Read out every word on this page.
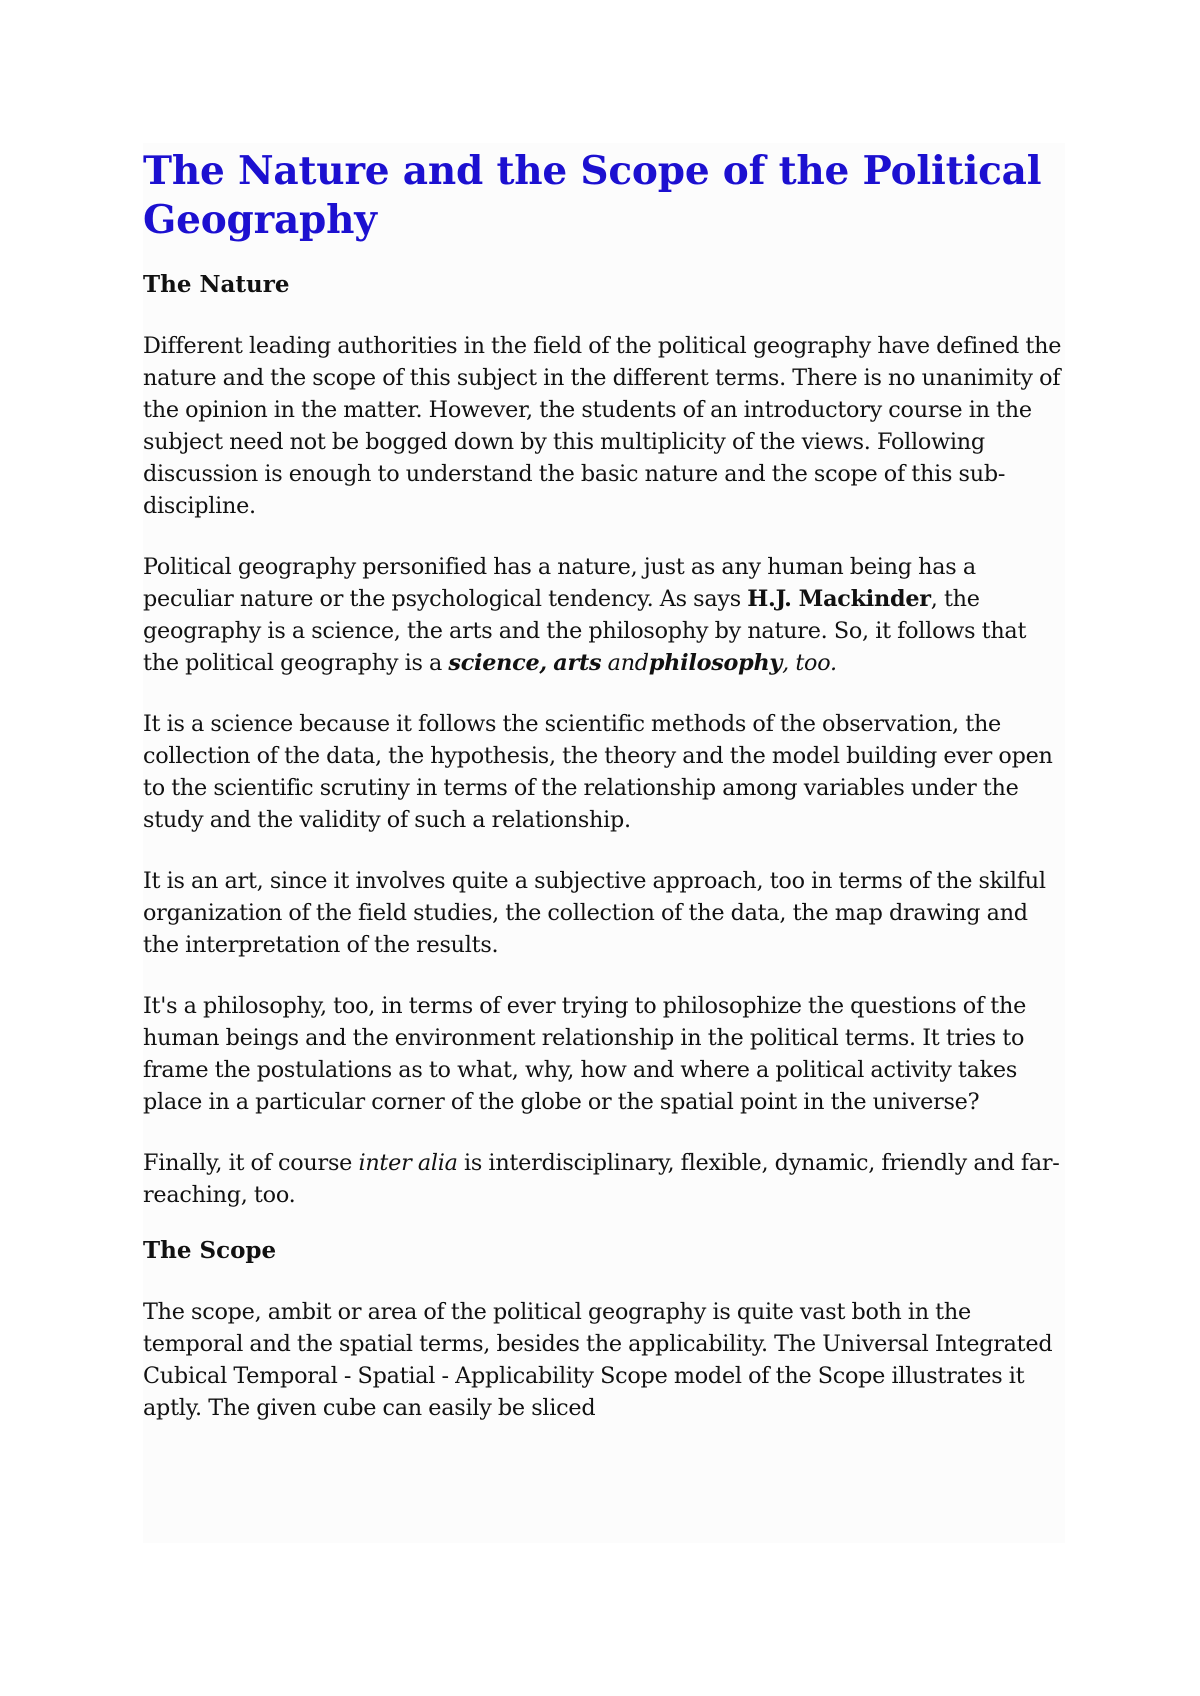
The Nature and the Scope of the Political Geography
The Nature

Different leading authorities in the field of the political geography have defined the nature and the scope of this subject in the different terms. There is no unanimity of the opinion in the matter. However, the students of an introductory course in the subject need not be bogged down by this multiplicity of the views. Following discussion is enough to understand the basic nature and the scope of this sub-discipline.

Political geography personified has a nature, just as any human being has a peculiar nature or the psychological tendency. As says H.J. Mackinder, the geography is a science, the arts and the philosophy by nature. So, it follows that the political geography is a science, arts andphilosophy, too.

It is a science because it follows the scientific methods of the observation, the collection of the data, the hypothesis, the theory and the model building ever open to the scientific scrutiny in terms of the relationship among variables under the study and the validity of such a relationship.

It is an art, since it involves quite a subjective approach, too in terms of the skilful organization of the field studies, the collection of the data, the map drawing and the interpretation of the results.

It's a philosophy, too, in terms of ever trying to philosophize the questions of the human beings and the environment relationship in the political terms. It tries to frame the postulations as to what, why, how and where a political activity takes place in a particular corner of the globe or the spatial point in the universe?

Finally, it of course inter alia is interdisciplinary, flexible, dynamic, friendly and far-reaching, too.

The Scope

The scope, ambit or area of the political geography is quite vast both in the temporal and the spatial terms, besides the applicability. The Universal Integrated Cubical Temporal - Spatial - Applicability Scope model of the Scope illustrates it aptly. The given cube can easily be sliced
